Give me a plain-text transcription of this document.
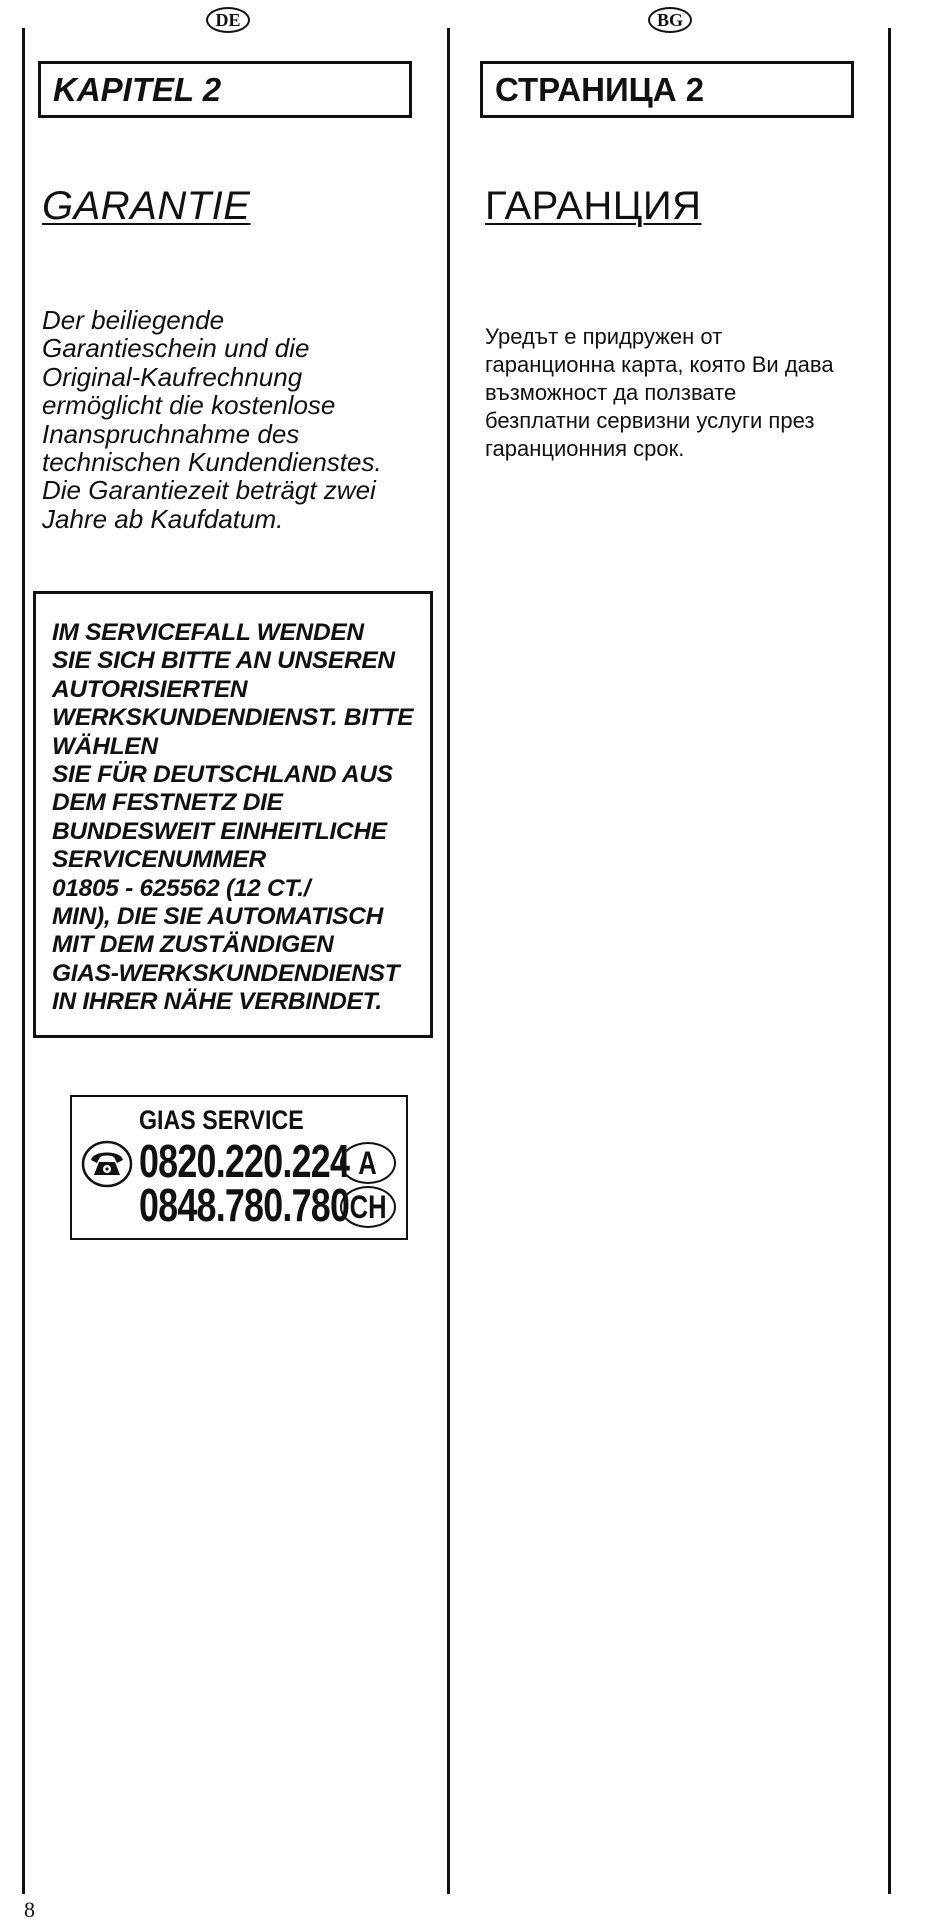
DE	BG
KAPITEL 2
GARANTIE

Der beiliegende
Garantieschein und die
Original-Kaufrechnung
ermöglicht die kostenlose
Inanspruchnahme des
technischen Kundendienstes.
Die Garantiezeit beträgt zwei
Jahre ab Kaufdatum.

IM SERVICEFALL WENDEN
SIE SICH BITTE AN UNSEREN
AUTORISIERTEN
WERKSKUNDENDIENST. BITTE
WÄHLEN
SIE FÜR DEUTSCHLAND AUS
DEM FESTNETZ DIE
BUNDESWEIT EINHEITLICHE
SERVICENUMMER
01805 - 625562 (12 CT./
MIN), DIE SIE AUTOMATISCH
MIT DEM ZUSTÄNDIGEN
GIAS-WERKSKUNDENDIENST
IN IHRER NÄHE VERBINDET.

GIAS SERVICE
0820.220.224
0848.780.780
A
CH
СТРАНИЦА 2
ГАРАНЦИЯ

Уредът е придружен от
гаранционна карта, която Ви дава
възможност да ползвате
безплатни сервизни услуги през
гаранционния срок.

8
